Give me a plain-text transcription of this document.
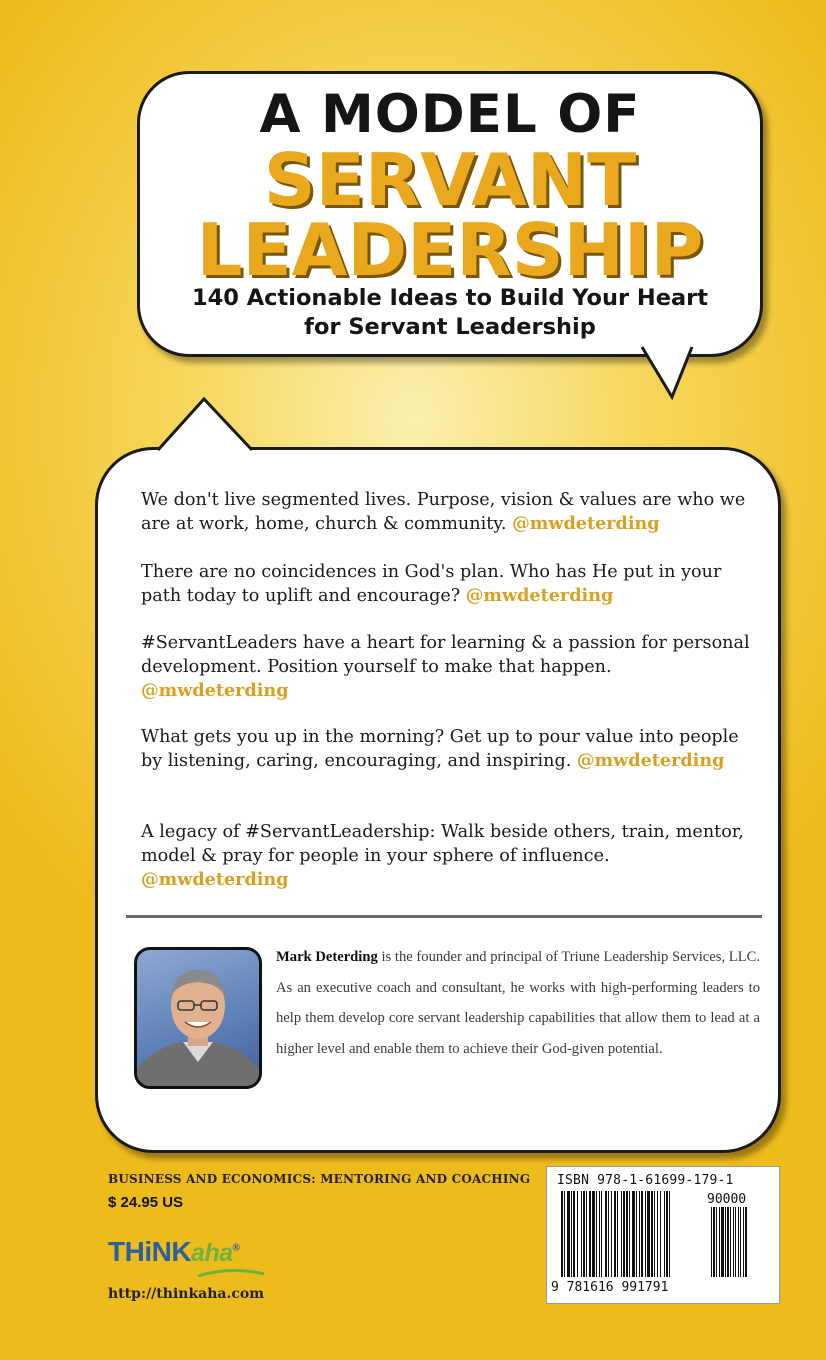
A MODEL OF

SERVANT

LEADERSHIP

140 Actionable Ideas to Build Your Heart
for Servant Leadership

We don't live segmented lives. Purpose, vision & values are who we are at work, home, church & community. @mwdeterding

There are no coincidences in God's plan. Who has He put in your path today to uplift and encourage? @mwdeterding

#ServantLeaders have a heart for learning & a passion for personal development. Position yourself to make that happen. @mwdeterding

What gets you up in the morning? Get up to pour value into people by listening, caring, encouraging, and inspiring. @mwdeterding

A legacy of #ServantLeadership: Walk beside others, train, mentor, model & pray for people in your sphere of influence. @mwdeterding

Mark Deterding is the founder and principal of Triune Leadership Services, LLC. As an executive coach and consultant, he works with high-performing leaders to help them develop core servant leadership capabilities that allow them to lead at a higher level and enable them to achieve their God-given potential.

BUSINESS AND ECONOMICS: MENTORING AND COACHING

$ 24.95 US

THiNKaha®

http://thinkaha.com

ISBN 978-1-61699-179-1

90000

9 781616 991791
